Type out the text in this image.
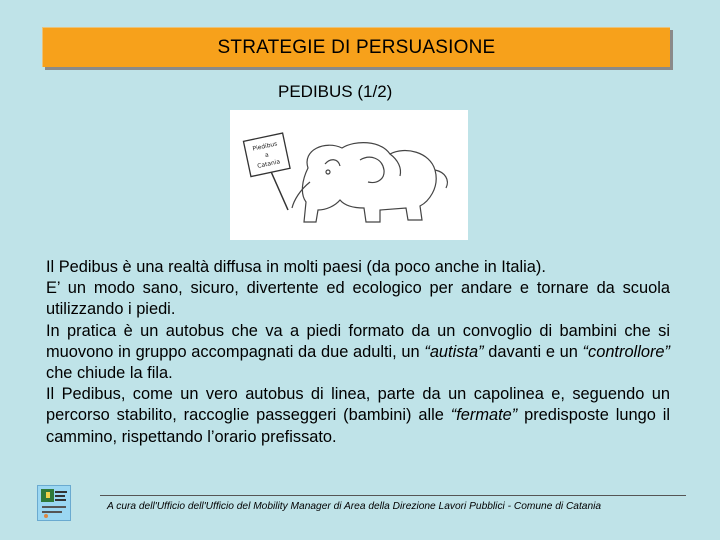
STRATEGIE DI PERSUASIONE
PEDIBUS (1/2)
Piedibus
a
Catania

Il Pedibus è una realtà diffusa in molti paesi (da poco anche in Italia).

E’ un modo sano, sicuro, divertente ed ecologico per andare e tornare da scuola utilizzando i piedi.

In pratica è un autobus che va a piedi formato da un convoglio di bambini che si muovono in gruppo accompagnati da due adulti, un “autista” davanti e un “controllore” che chiude la fila.

Il Pedibus, come un vero autobus di linea, parte da un capolinea e, seguendo un percorso stabilito, raccoglie passeggeri (bambini) alle “fermate” predisposte lungo il cammino, rispettando l’orario prefissato.

A cura dell'Ufficio dell'Ufficio del Mobility Manager di Area della Direzione Lavori Pubblici - Comune di Catania
